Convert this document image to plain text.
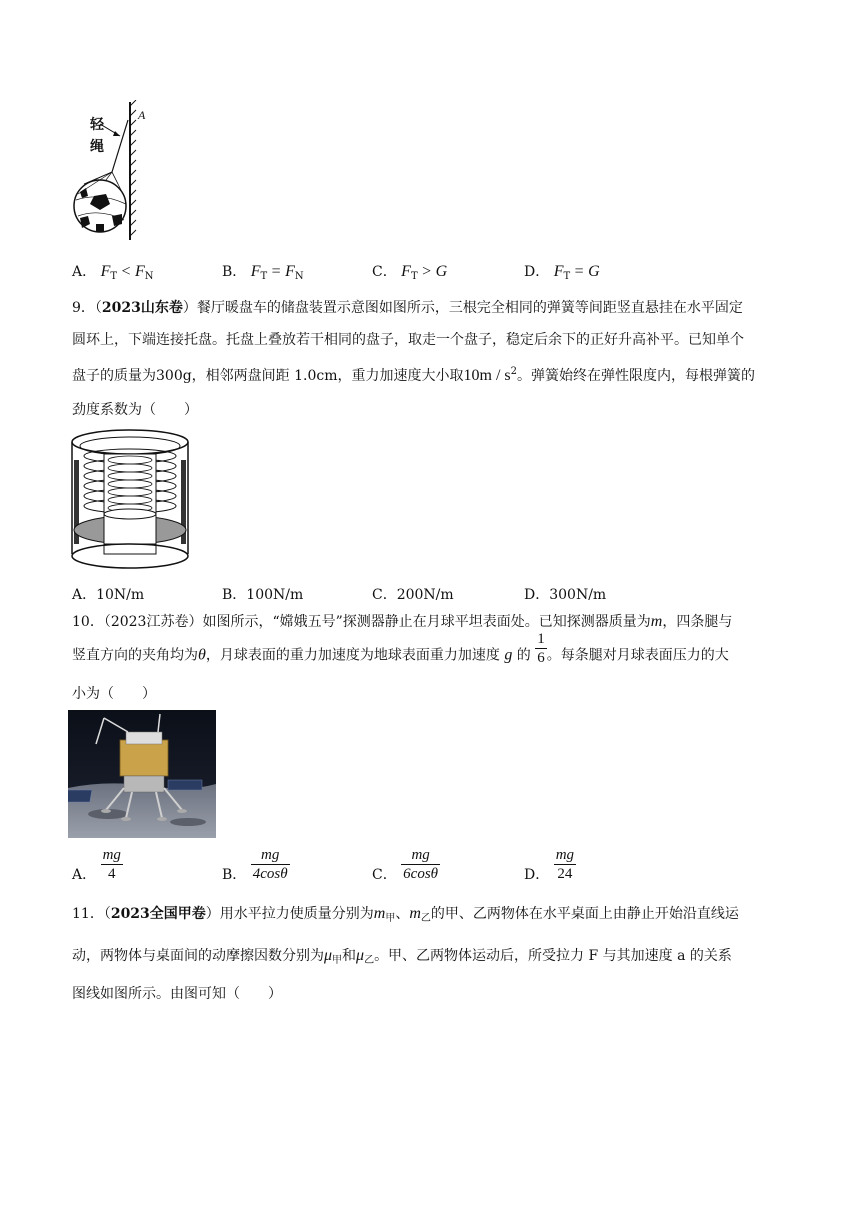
轻
绳
A
A． $F_T < F_N$	B． $F_T = F_N$	C． $F_T > G$	D． $F_T = G$
9．（2023山东卷）餐厅暖盘车的储盘装置示意图如图所示，三根完全相同的弹簧等间距竖直悬挂在水平固定
圆环上，下端连接托盘。托盘上叠放若干相同的盘子，取走一个盘子，稳定后余下的正好升高补平。已知单个
盘子的质量为300g，相邻两盘间距 1.0cm，重力加速度大小取$10m / s^2$。弹簧始终在弹性限度内，每根弹簧的
劲度系数为（　　）
A．10N/m	B．100N/m	C．200N/m	D．300N/m
10．（2023江苏卷）如图所示，“嫦娥五号”探测器静止在月球平坦表面处。已知探测器质量为m，四条腿与
竖直方向的夹角均为θ，月球表面的重力加速度为地球表面重力加速度 g 的 $\frac{1}{6}$ 。每条腿对月球表面压力的大
小为（　　）
A． $\frac{mg}{4}$	B． $\frac{mg}{4\cos\theta}$	C． $\frac{mg}{6\cos\theta}$	D． $\frac{mg}{24}$
11．（2023全国甲卷）用水平拉力使质量分别为$m_甲$、$m_乙$的甲、乙两物体在水平桌面上由静止开始沿直线运
动，两物体与桌面间的动摩擦因数分别为$\mu_甲$和$\mu_乙$。甲、乙两物体运动后，所受拉力 F 与其加速度 a 的关系
图线如图所示。由图可知（　　）
